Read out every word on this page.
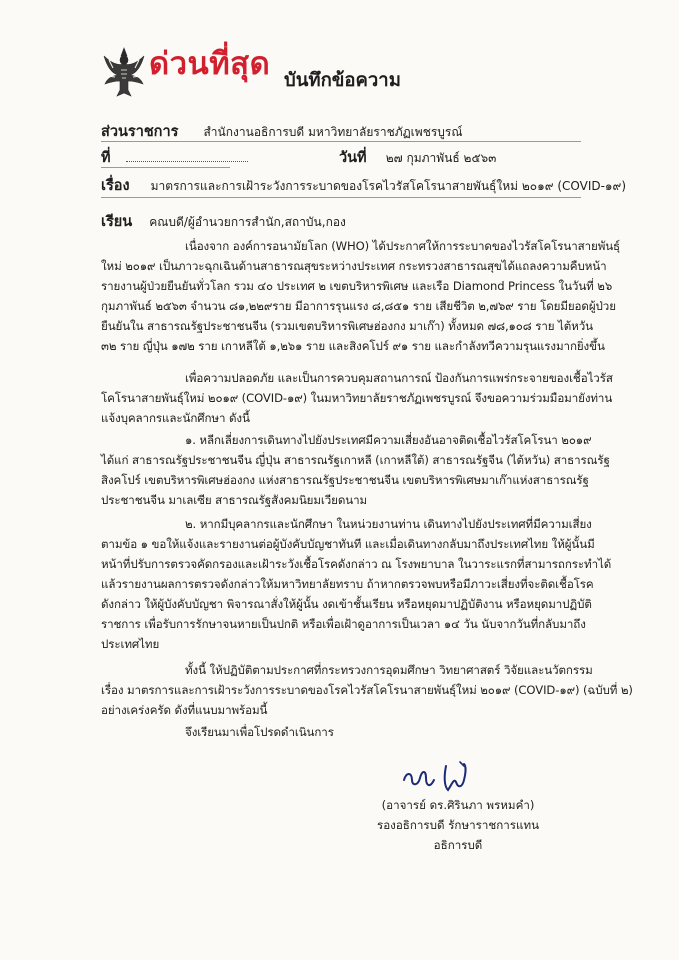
ด่วนที่สุด บันทึกข้อความ
ส่วนราชการ สำนักงานอธิการบดี มหาวิทยาลัยราชภัฏเพชรบูรณ์
ที่	วันที่ ๒๗ กุมภาพันธ์ ๒๕๖๓
เรื่อง มาตรการและการเฝ้าระวังการระบาดของโรคไวรัสโคโรนาสายพันธุ์ใหม่ ๒๐๑๙ (COVID-๑๙)
เรียน คณบดี/ผู้อำนวยการสำนัก,สถาบัน,กอง

เนื่องจาก องค์การอนามัยโลก (WHO) ได้ประกาศให้การระบาดของไวรัสโคโรนาสายพันธุ์

ใหม่ ๒๐๑๙ เป็นภาวะฉุกเฉินด้านสาธารณสุขระหว่างประเทศ กระทรวงสาธารณสุขได้แถลงความคืบหน้า

รายงานผู้ป่วยยืนยันทั่วโลก รวม ๔๐ ประเทศ ๒ เขตบริหารพิเศษ และเรือ Diamond Princess ในวันที่ ๒๖

กุมภาพันธ์ ๒๕๖๓ จำนวน ๘๑,๒๒๙ราย มีอาการรุนแรง ๘,๘๕๑ ราย เสียชีวิต ๒,๗๖๙ ราย โดยมียอดผู้ป่วย

ยืนยันใน สาธารณรัฐประชาชนจีน (รวมเขตบริหารพิเศษฮ่องกง มาเก๊า) ทั้งหมด ๗๘,๑๐๘ ราย ไต้หวัน

๓๒ ราย ญี่ปุ่น ๑๗๒ ราย เกาหลีใต้ ๑,๒๖๑ ราย และสิงคโปร์ ๙๑ ราย และกำลังทวีความรุนแรงมากยิ่งขึ้น

เพื่อความปลอดภัย และเป็นการควบคุมสถานการณ์ ป้องกันการแพร่กระจายของเชื้อไวรัส

โคโรนาสายพันธุ์ใหม่ ๒๐๑๙ (COVID-๑๙) ในมหาวิทยาลัยราชภัฏเพชรบูรณ์ จึงขอความร่วมมือมายังท่าน

แจ้งบุคลากรและนักศึกษา ดังนี้

๑. หลีกเลี่ยงการเดินทางไปยังประเทศมีความเสี่ยงอันอาจติดเชื้อไวรัสโคโรนา ๒๐๑๙

ได้แก่ สาธารณรัฐประชาชนจีน ญี่ปุ่น สาธารณรัฐเกาหลี (เกาหลีใต้) สาธารณรัฐจีน (ไต้หวัน) สาธารณรัฐ

สิงคโปร์ เขตบริหารพิเศษฮ่องกง แห่งสาธารณรัฐประชาชนจีน เขตบริหารพิเศษมาเก๊าแห่งสาธารณรัฐ

ประชาชนจีน มาเลเซีย สาธารณรัฐสังคมนิยมเวียดนาม

๒. หากมีบุคลากรและนักศึกษา ในหน่วยงานท่าน เดินทางไปยังประเทศที่มีความเสี่ยง

ตามข้อ ๑ ขอให้แจ้งและรายงานต่อผู้บังคับบัญชาทันที และเมื่อเดินทางกลับมาถึงประเทศไทย ให้ผู้นั้นมี

หน้าที่ปรับการตรวจคัดกรองและเฝ้าระวังเชื้อโรคดังกล่าว ณ โรงพยาบาล ในวาระแรกที่สามารถกระทำได้

แล้วรายงานผลการตรวจดังกล่าวให้มหาวิทยาลัยทราบ ถ้าหากตรวจพบหรือมีภาวะเสี่ยงที่จะติดเชื้อโรค

ดังกล่าว ให้ผู้บังคับบัญชา พิจารณาสั่งให้ผู้นั้น งดเข้าชั้นเรียน หรือหยุดมาปฏิบัติงาน หรือหยุดมาปฏิบัติ

ราชการ เพื่อรับการรักษาจนหายเป็นปกติ หรือเพื่อเฝ้าดูอาการเป็นเวลา ๑๔ วัน นับจากวันที่กลับมาถึง

ประเทศไทย

ทั้งนี้ ให้ปฏิบัติตามประกาศที่กระทรวงการอุดมศึกษา วิทยาศาสตร์ วิจัยและนวัตกรรม

เรื่อง มาตรการและการเฝ้าระวังการระบาดของโรคไวรัสโคโรนาสายพันธุ์ใหม่ ๒๐๑๙ (COVID-๑๙) (ฉบับที่ ๒)

อย่างเคร่งครัด ดังที่แนบมาพร้อมนี้

จึงเรียนมาเพื่อโปรดดำเนินการ

(อาจารย์ ดร.ศิรินภา พรหมคำ)
รองอธิการบดี รักษาราชการแทน
อธิการบดี
